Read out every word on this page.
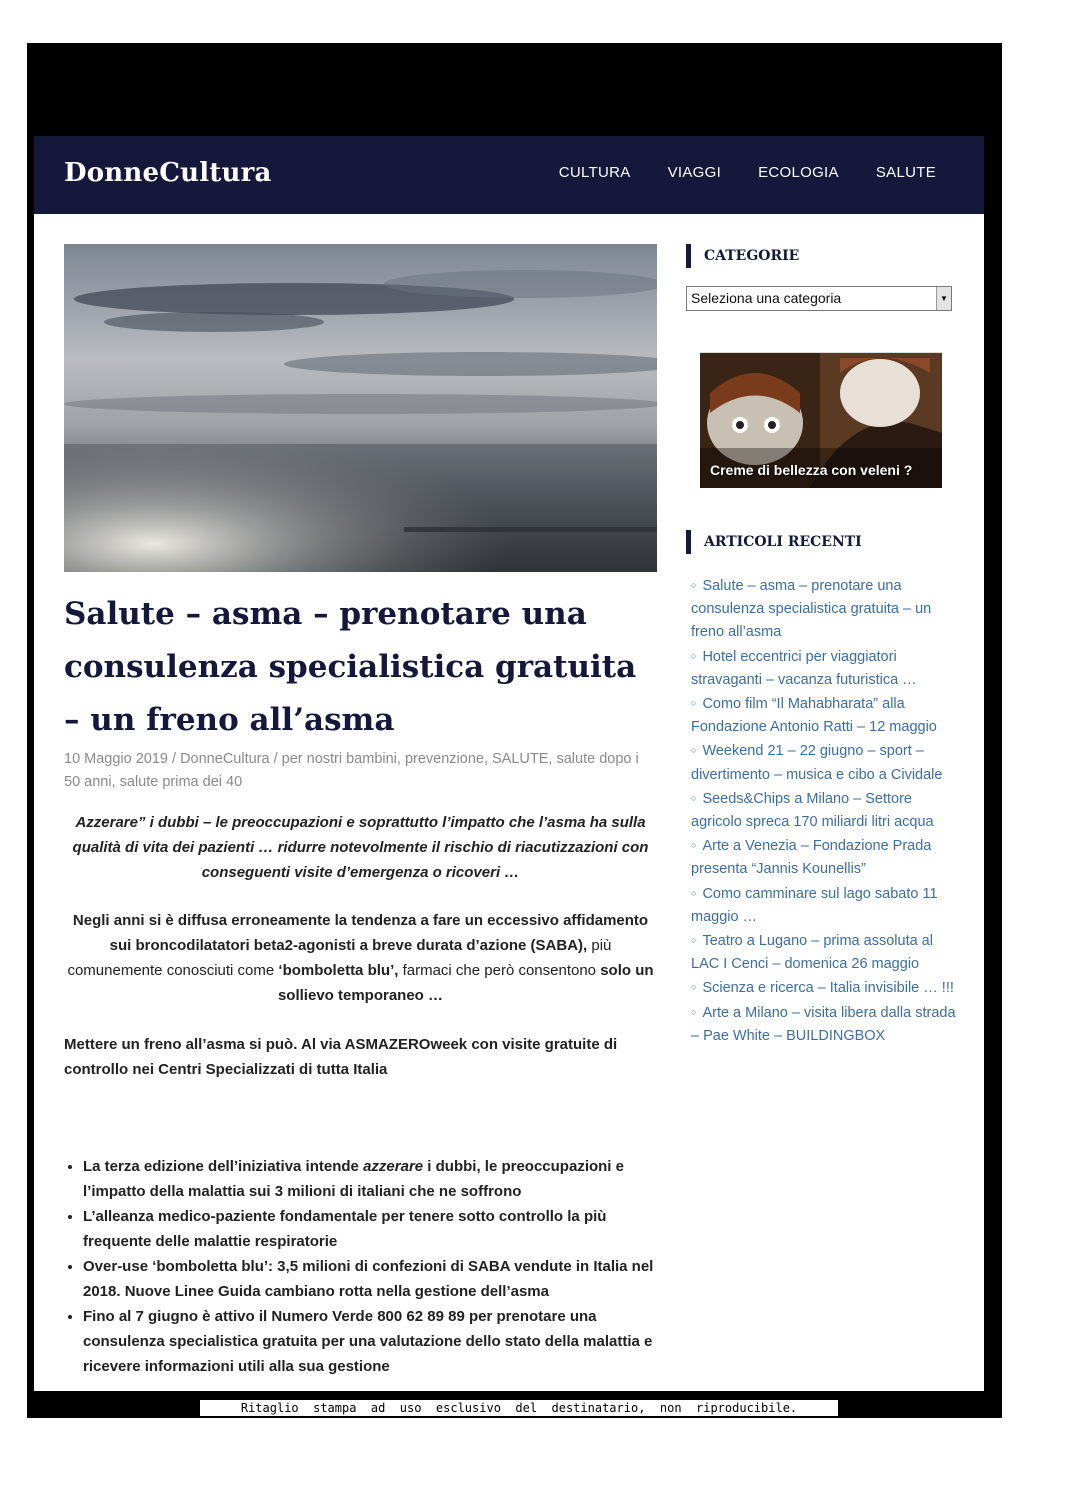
DonneCultura	CULTURA VIAGGI ECOLOGIA SALUTE
Salute – asma – prenotare una consulenza specialistica gratuita – un freno all’asma
10 Maggio 2019 / DonneCultura / per nostri bambini, prevenzione, SALUTE, salute dopo i 50 anni, salute prima dei 40
Azzerare” i dubbi – le preoccupazioni e soprattutto l’impatto che l’asma ha sulla qualità di vita dei pazienti … ridurre notevolmente il rischio di riacutizzazioni con conseguenti visite d’emergenza o ricoveri …
Negli anni si è diffusa erroneamente la tendenza a fare un eccessivo affidamento sui broncodilatatori beta2-agonisti a breve durata d’azione (SABA), più comunemente conosciuti come ‘bomboletta blu’, farmaci che però consentono solo un sollievo temporaneo …
Mettere un freno all’asma si può. Al via ASMAZEROweek con visite gratuite di controllo nei Centri Specializzati di tutta Italia
• La terza edizione dell’iniziativa intende azzerare i dubbi, le preoccupazioni e l’impatto della malattia sui 3 milioni di italiani che ne soffrono
• L’alleanza medico-paziente fondamentale per tenere sotto controllo la più frequente delle malattie respiratorie
• Over-use ‘bomboletta blu’: 3,5 milioni di confezioni di SABA vendute in Italia nel 2018. Nuove Linee Guida cambiano rotta nella gestione dell’asma
• Fino al 7 giugno è attivo il Numero Verde 800 62 89 89 per prenotare una consulenza specialistica gratuita per una valutazione dello stato della malattia e ricevere informazioni utili alla sua gestione
CATEGORIE
Seleziona una categoria	▼
Creme di bellezza con veleni ?
ARTICOLI RECENTI
○ Salute – asma – prenotare una consulenza specialistica gratuita – un freno all’asma
○ Hotel eccentrici per viaggiatori stravaganti – vacanza futuristica …
○ Como film “Il Mahabharata” alla Fondazione Antonio Ratti – 12 maggio
○ Weekend 21 – 22 giugno – sport – divertimento – musica e cibo a Cividale
○ Seeds&Chips a Milano – Settore agricolo spreca 170 miliardi litri acqua
○ Arte a Venezia – Fondazione Prada presenta “Jannis Kounellis”
○ Como camminare sul lago sabato 11 maggio …
○ Teatro a Lugano – prima assoluta al LAC I Cenci – domenica 26 maggio
○ Scienza e ricerca – Italia invisibile … !!!
○ Arte a Milano – visita libera dalla strada – Pae White – BUILDINGBOX
Ritaglio  stampa  ad  uso  esclusivo  del  destinatario,  non  riproducibile.
